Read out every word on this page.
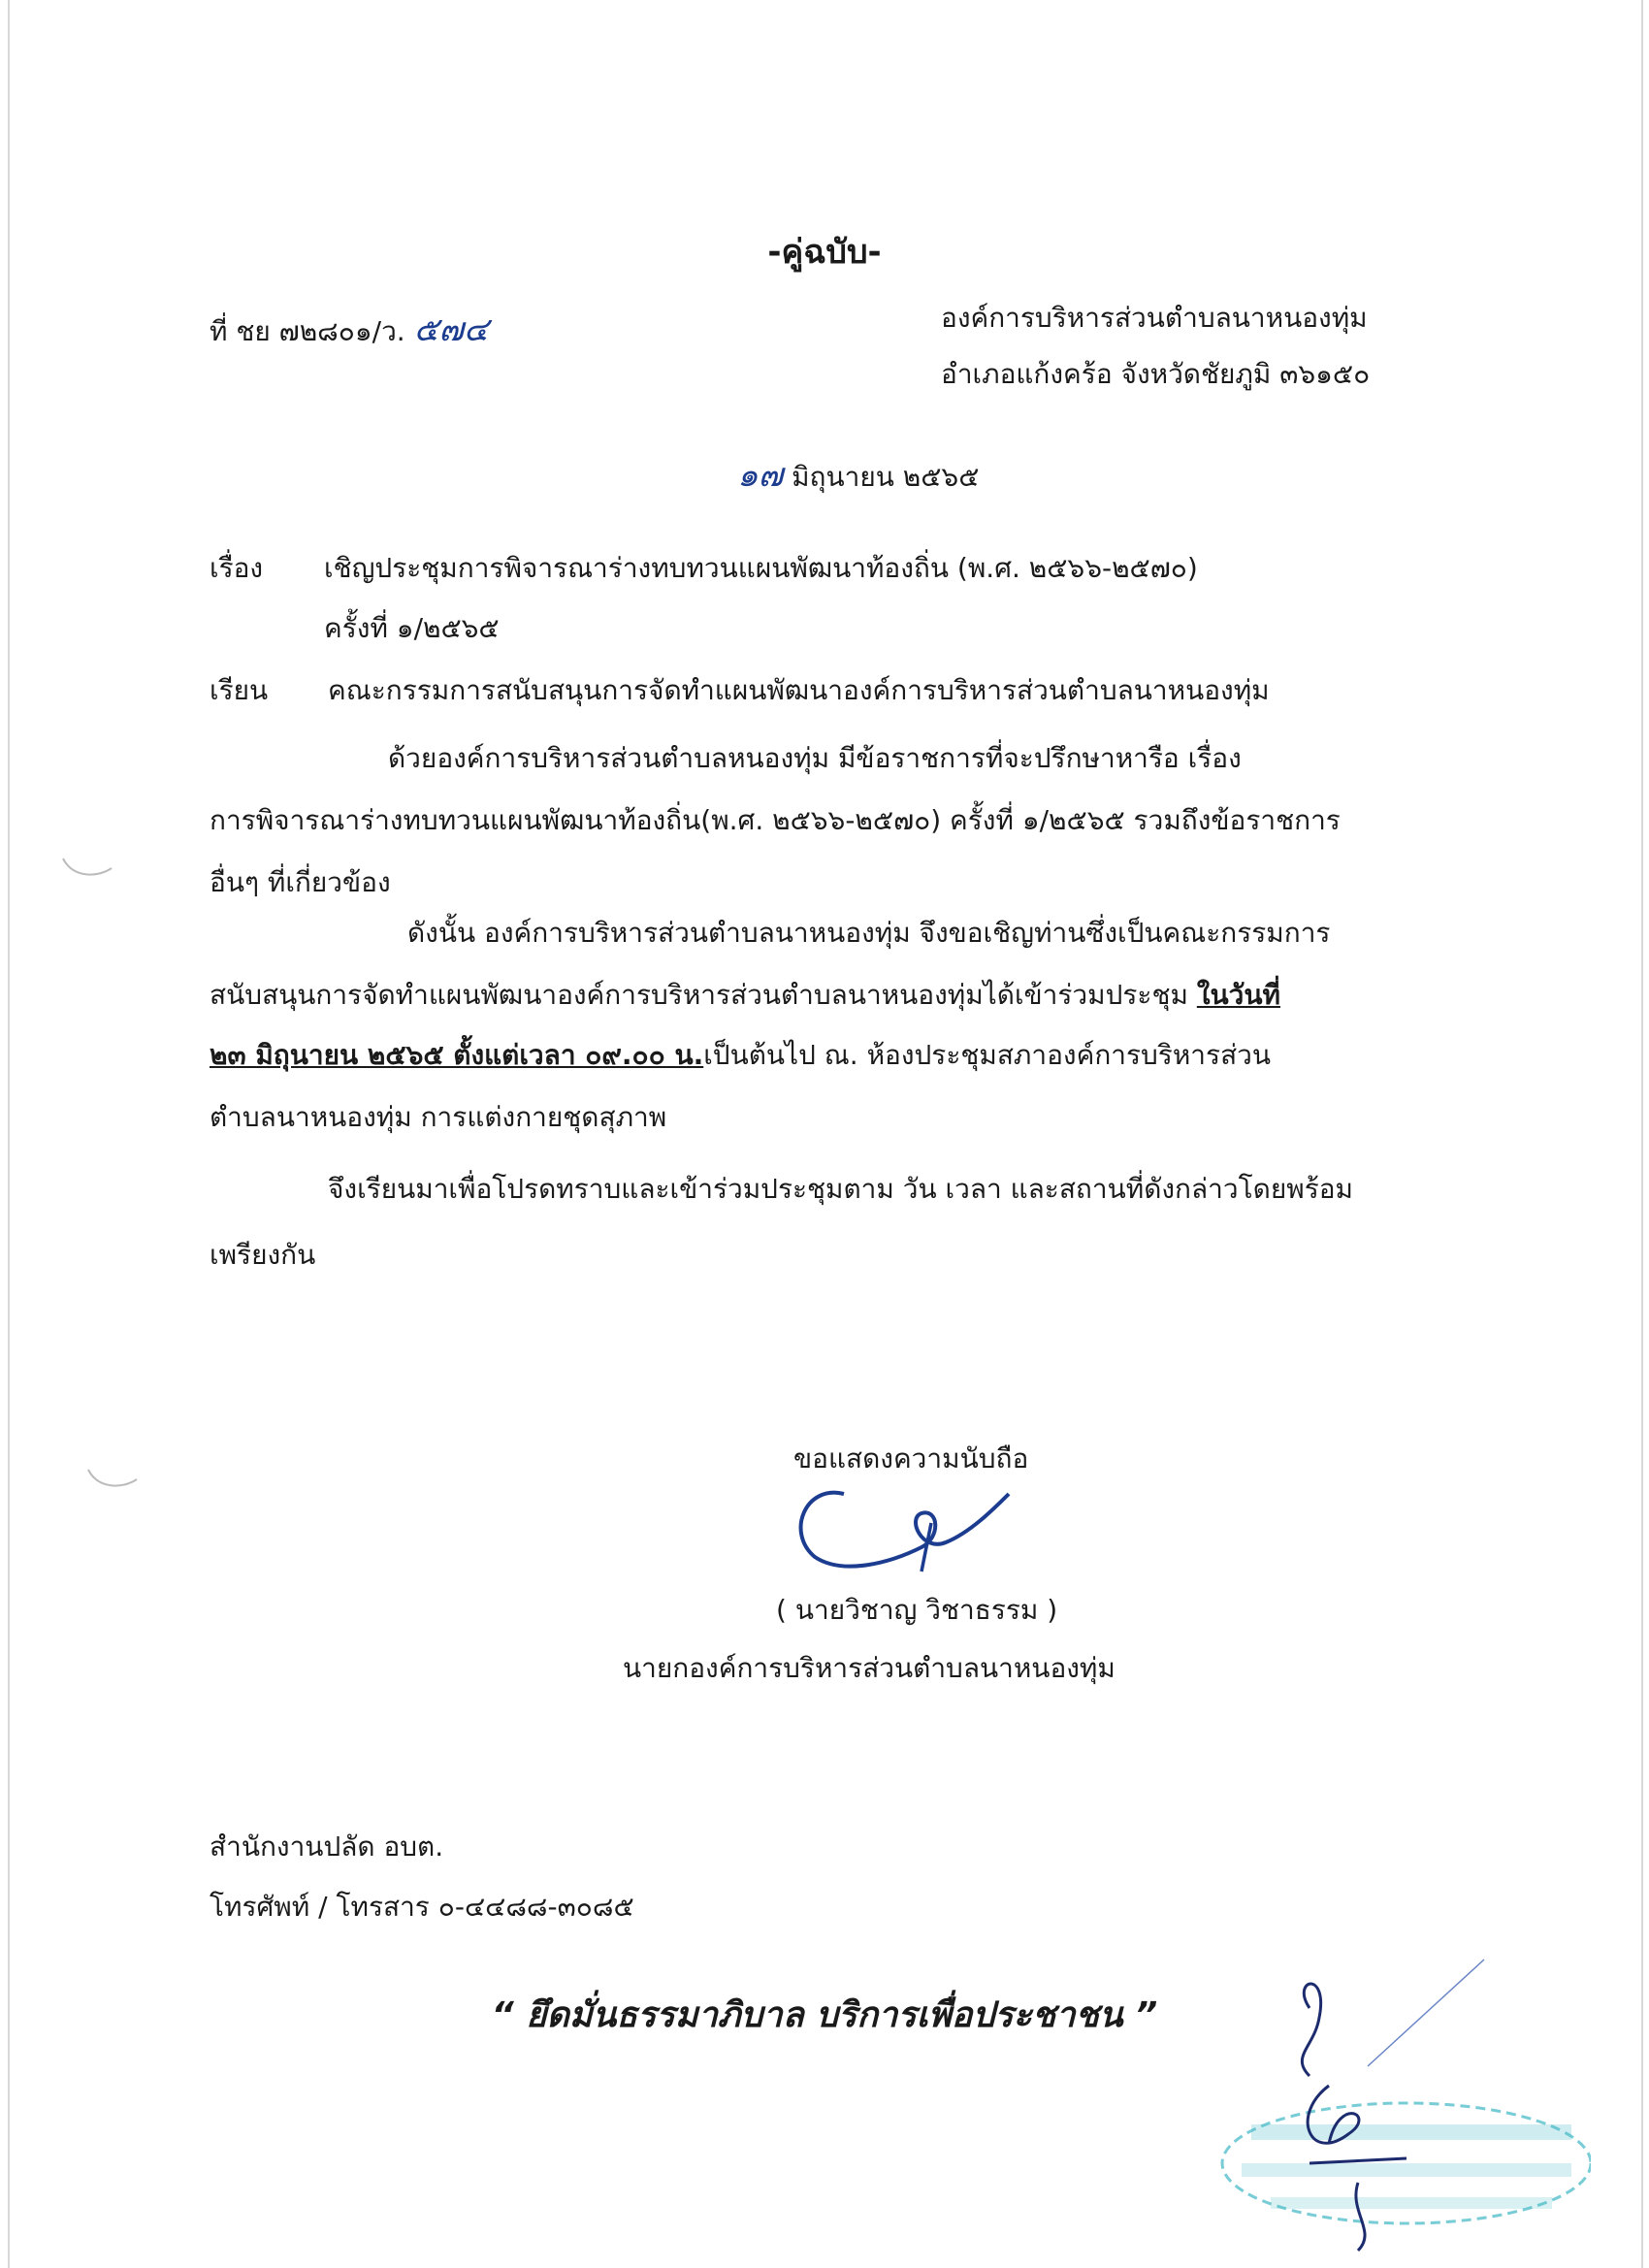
-คู่ฉบับ-
ที่ ชย ๗๒๘๐๑/ว. ๕๗๔	องค์การบริหารส่วนตำบลนาหนองทุ่ม
อำเภอแก้งคร้อ จังหวัดชัยภูมิ ๓๖๑๕๐
๑๗ มิถุนายน ๒๕๖๕
เรื่อง เชิญประชุมการพิจารณาร่างทบทวนแผนพัฒนาท้องถิ่น (พ.ศ. ๒๕๖๖-๒๕๗๐)
ครั้งที่ ๑/๒๕๖๕
เรียน คณะกรรมการสนับสนุนการจัดทำแผนพัฒนาองค์การบริหารส่วนตำบลนาหนองทุ่ม
ด้วยองค์การบริหารส่วนตำบลหนองทุ่ม มีข้อราชการที่จะปรึกษาหารือ เรื่อง
การพิจารณาร่างทบทวนแผนพัฒนาท้องถิ่น(พ.ศ. ๒๕๖๖-๒๕๗๐) ครั้งที่ ๑/๒๕๖๕ รวมถึงข้อราชการ
อื่นๆ ที่เกี่ยวข้อง
ดังนั้น องค์การบริหารส่วนตำบลนาหนองทุ่ม จึงขอเชิญท่านซึ่งเป็นคณะกรรมการ
สนับสนุนการจัดทำแผนพัฒนาองค์การบริหารส่วนตำบลนาหนองทุ่มได้เข้าร่วมประชุม ในวันที่
๒๓ มิถุนายน ๒๕๖๕ ตั้งแต่เวลา ๐๙.๐๐ น.เป็นต้นไป ณ. ห้องประชุมสภาองค์การบริหารส่วน
ตำบลนาหนองทุ่ม การแต่งกายชุดสุภาพ
จึงเรียนมาเพื่อโปรดทราบและเข้าร่วมประชุมตาม วัน เวลา และสถานที่ดังกล่าวโดยพร้อม
เพรียงกัน
ขอแสดงความนับถือ
( นายวิชาญ วิชาธรรม )
นายกองค์การบริหารส่วนตำบลนาหนองทุ่ม
สำนักงานปลัด อบต.
โทรศัพท์ / โทรสาร ๐-๔๔๘๘-๓๐๘๕
“ ยึดมั่นธรรมาภิบาล บริการเพื่อประชาชน ”
